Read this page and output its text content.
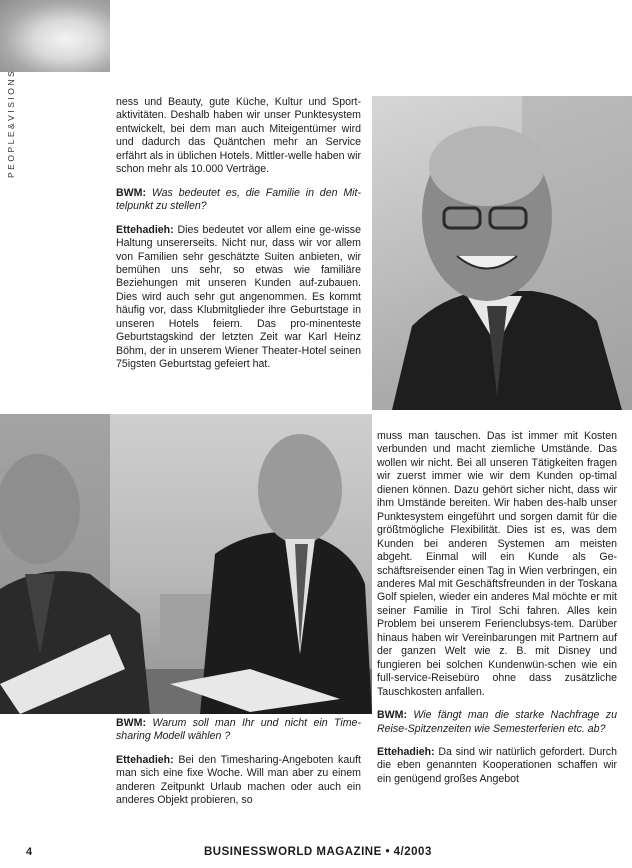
PEOPLE&VISIONS	ness und Beauty, gute Küche, Kultur und Sport-aktivitäten. Deshalb haben wir unser Punktesystem entwickelt, bei dem man auch Miteigentümer wird und dadurch das Quäntchen mehr an Service erfährt als in üblichen Hotels. Mittler-welle haben wir schon mehr als 10.000 Verträge.

BWM: Was bedeutet es, die Familie in den Mit-telpunkt zu stellen?

Ettehadieh: Dies bedeutet vor allem eine ge-wisse Haltung unsererseits. Nicht nur, dass wir vor allem von Familien sehr geschätzte Suiten anbieten, wir bemühen uns sehr, so etwas wie familiäre Beziehungen mit unseren Kunden auf-zubauen. Dies wird auch sehr gut angenommen. Es kommt häufig vor, dass Klubmitglieder ihre Geburtstage in unseren Hotels feiern. Das pro-minenteste Geburtstagskind der letzten Zeit war Karl Heinz Böhm, der in unserem Wiener Theater-Hotel seinen 75igsten Geburtstag gefeiert hat.

BWM: Warum soll man Ihr und nicht ein Time-sharing Modell wählen ?

Ettehadieh: Bei den Timesharing-Angeboten kauft man sich eine fixe Woche. Will man aber zu einem anderen Zeitpunkt Urlaub machen oder auch ein anderes Objekt probieren, so

muss man tauschen. Das ist immer mit Kosten verbunden und macht ziemliche Umstände. Das wollen wir nicht. Bei all unseren Tätigkeiten fragen wir zuerst immer wie wir dem Kunden op-timal dienen können. Dazu gehört sicher nicht, dass wir ihm Umstände bereiten. Wir haben des-halb unser Punktesystem eingeführt und sorgen damit für die größtmögliche Flexibilität. Dies ist es, was dem Kunden bei anderen Systemen am meisten abgeht. Einmal will ein Kunde als Ge-schäftsreisender einen Tag in Wien verbringen, ein anderes Mal mit Geschäftsfreunden in der Toskana Golf spielen, wieder ein anderes Mal möchte er mit seiner Familie in Tirol Schi fahren. Alles kein Problem bei unserem Ferienclubsys-tem. Darüber hinaus haben wir Vereinbarungen mit Partnern auf der ganzen Welt wie z. B. mit Disney und fungieren bei solchen Kundenwün-schen wie ein full-service-Reisebüro ohne dass zusätzliche Tauschkosten anfallen.

BWM: Wie fängt man die starke Nachfrage zu Reise-Spitzenzeiten wie Semesterferien etc. ab?

Ettehadieh: Da sind wir natürlich gefordert. Durch die eben genannten Kooperationen schaffen wir ein genügend großes Angebot

4	BUSINESSWORLD MAGAZINE • 4/2003
